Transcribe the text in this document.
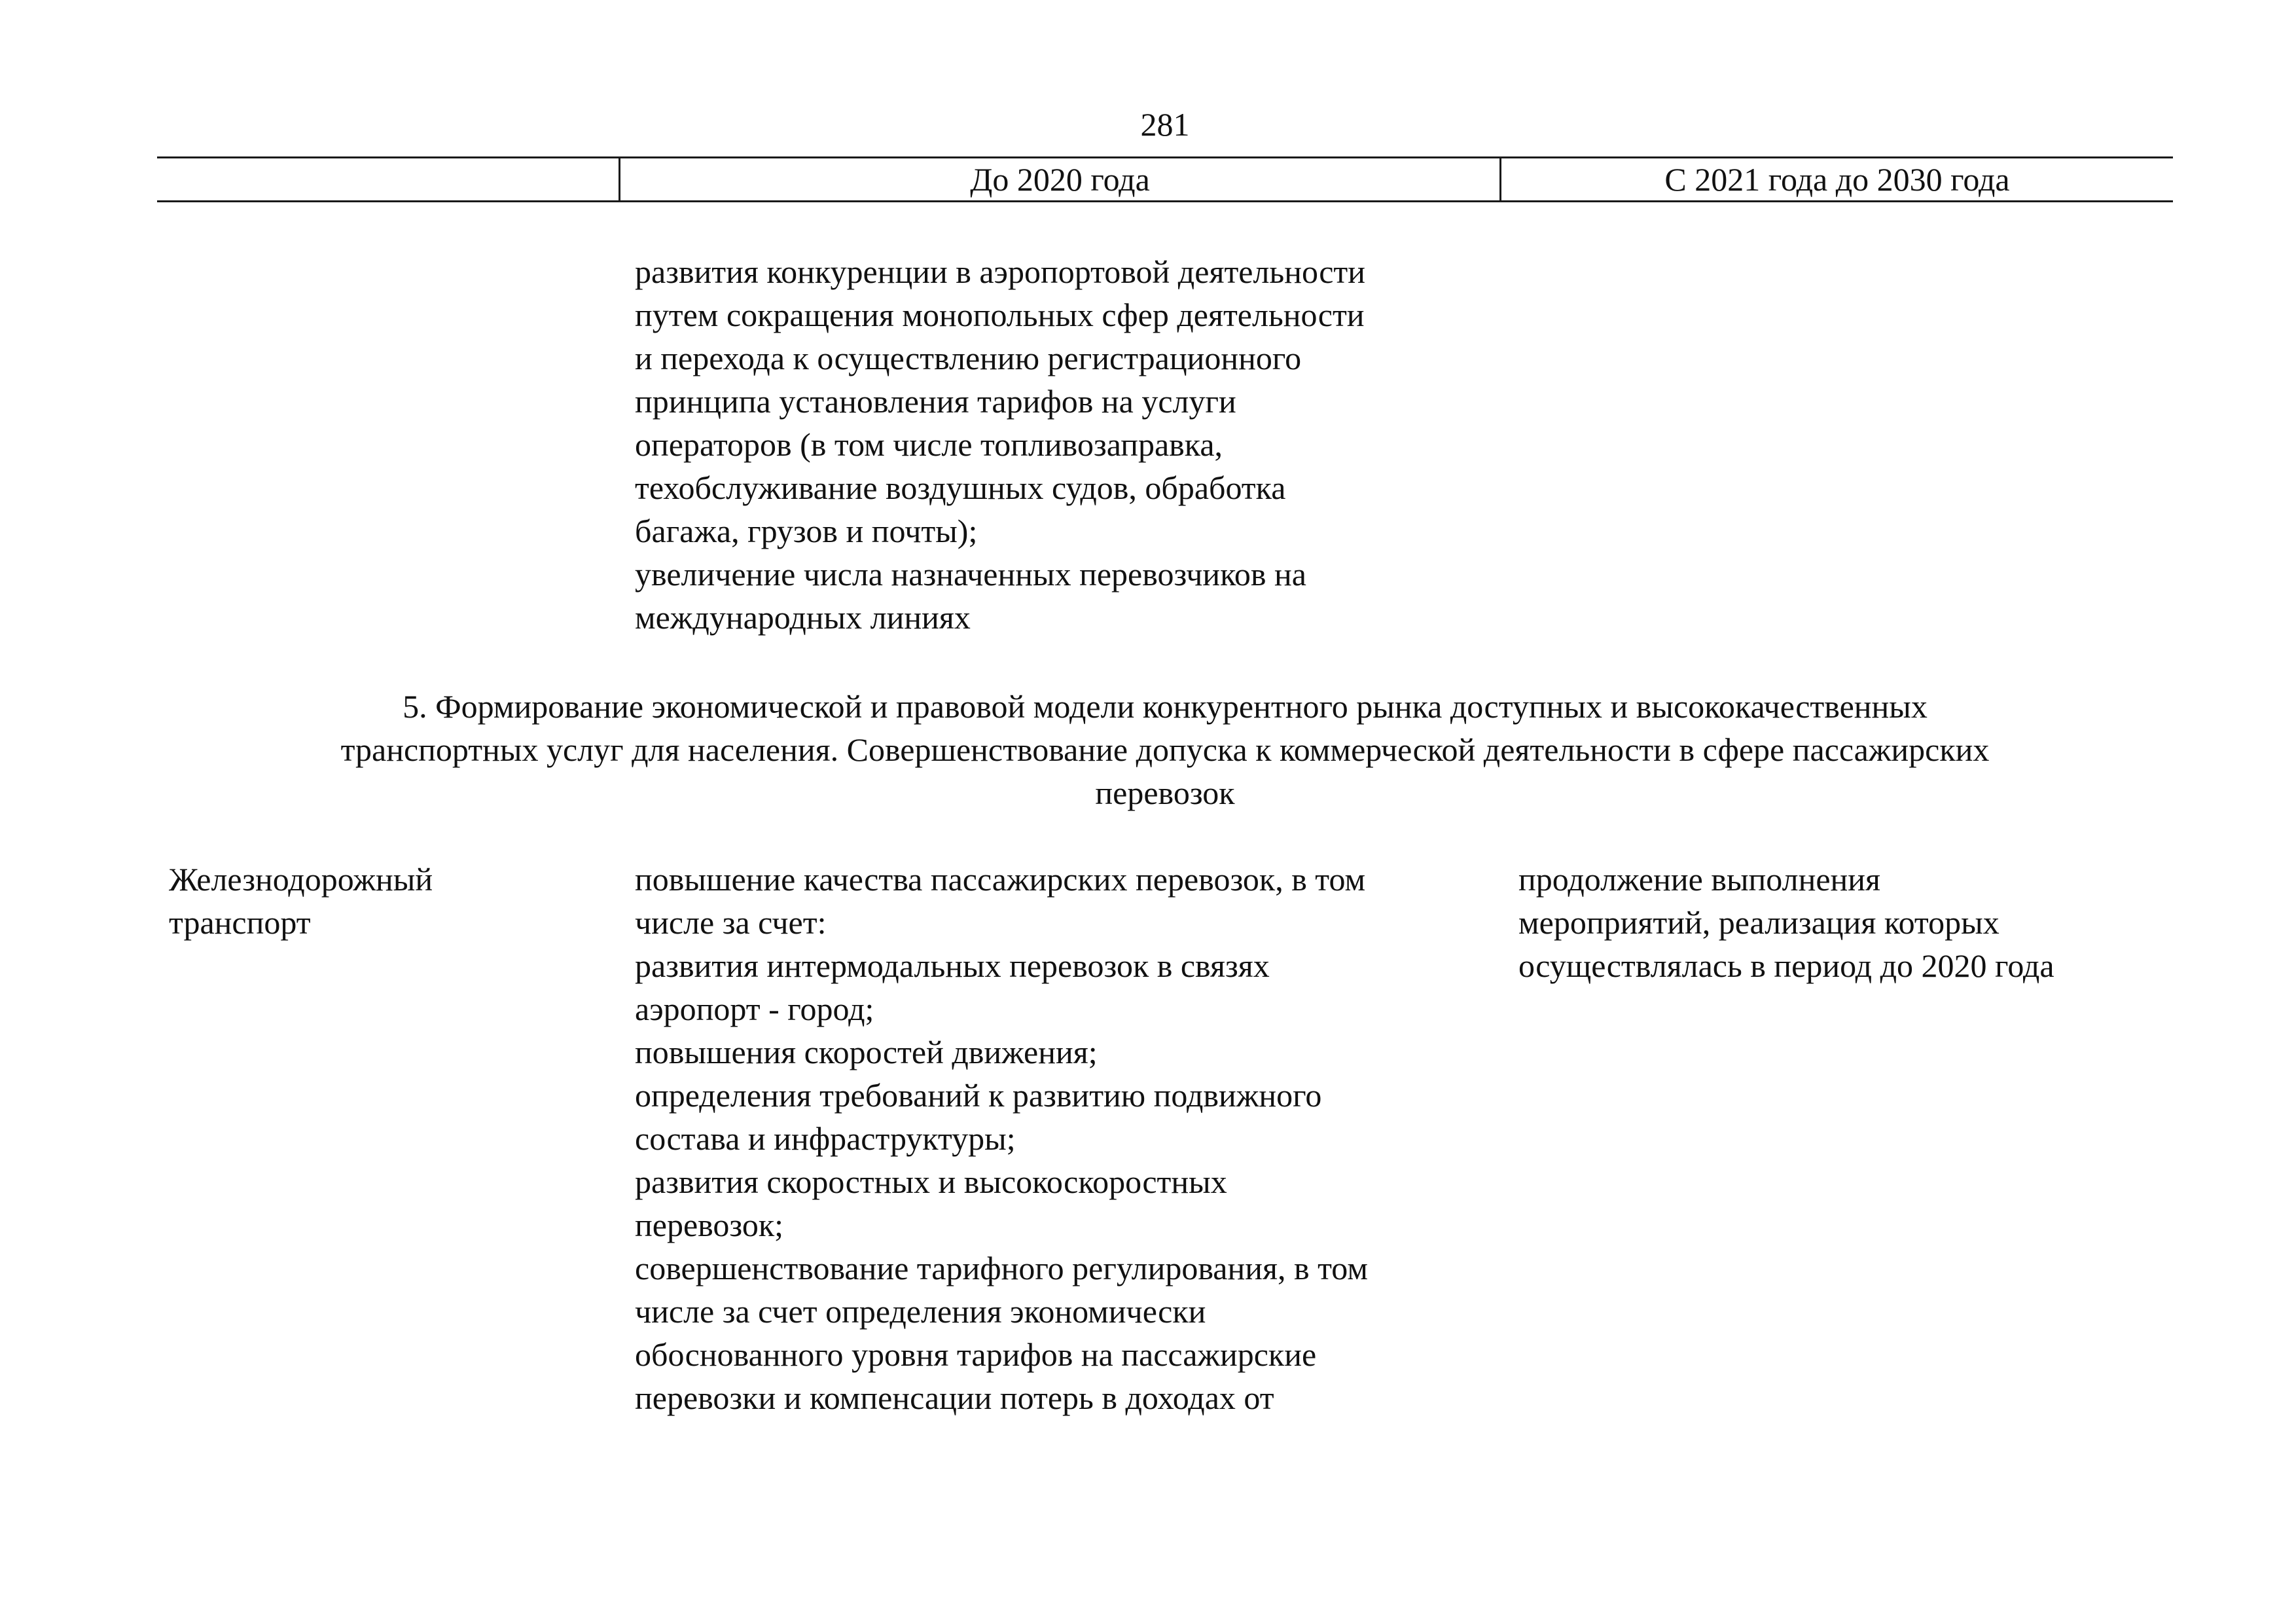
281
До 2020 года	С 2021 года до 2030 года
развития конкуренции в аэропортовой деятельности
путем сокращения монопольных сфер деятельности
и перехода к осуществлению регистрационного
принципа установления тарифов на услуги
операторов (в том числе топливозаправка,
техобслуживание воздушных судов, обработка
багажа, грузов и почты);
увеличение числа назначенных перевозчиков на
международных линиях
5. Формирование экономической и правовой модели конкурентного рынка доступных и высококачественных
транспортных услуг для населения. Совершенствование допуска к коммерческой деятельности в сфере пассажирских
перевозок
Железнодорожный
транспорт
повышение качества пассажирских перевозок, в том
числе за счет:
развития интермодальных перевозок в связях
аэропорт - город;
повышения скоростей движения;
определения требований к развитию подвижного
состава и инфраструктуры;
развития скоростных и высокоскоростных
перевозок;
совершенствование тарифного регулирования, в том
числе за счет определения экономически
обоснованного уровня тарифов на пассажирские
перевозки и компенсации потерь в доходах от
продолжение выполнения
мероприятий, реализация которых
осуществлялась в период до 2020 года
